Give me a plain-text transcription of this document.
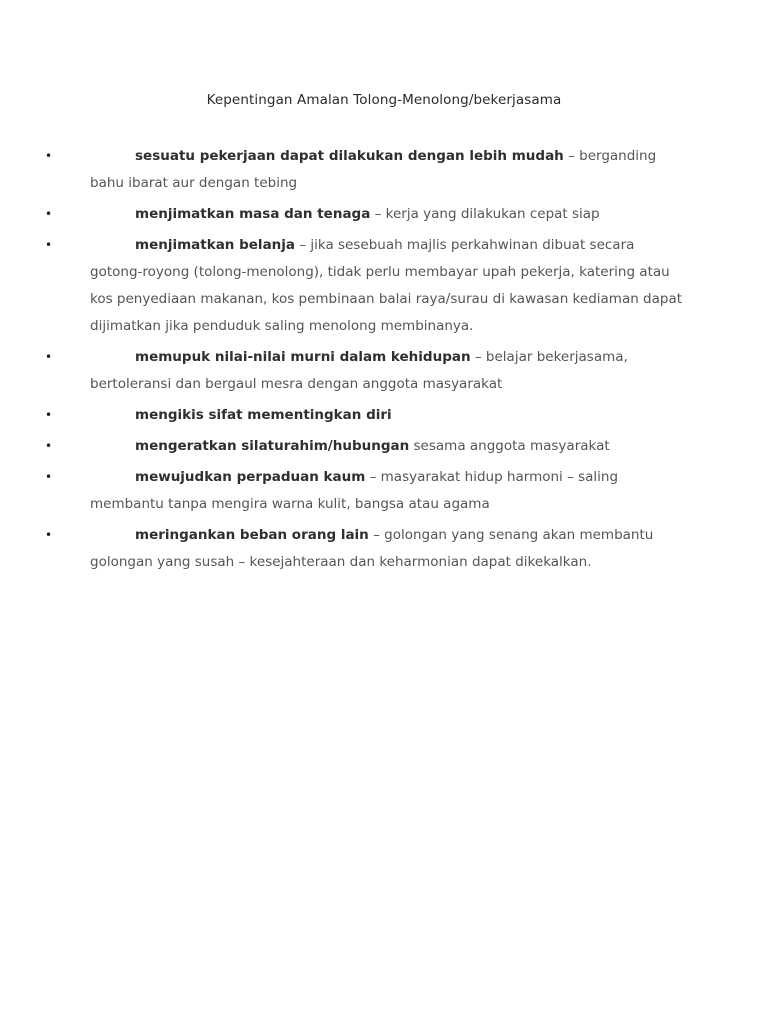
Kepentingan Amalan Tolong-Menolong/bekerjasama
•	sesuatu pekerjaan dapat dilakukan dengan lebih mudah – berganding bahu ibarat aur dengan tebing
•	menjimatkan masa dan tenaga – kerja yang dilakukan cepat siap
•	menjimatkan belanja – jika sesebuah majlis perkahwinan dibuat secara gotong-royong (tolong-menolong), tidak perlu membayar upah pekerja, katering atau kos penyediaan makanan, kos pembinaan balai raya/surau di kawasan kediaman dapat dijimatkan jika penduduk saling menolong membinanya.
•	memupuk nilai-nilai murni dalam kehidupan – belajar bekerjasama, bertoleransi dan bergaul mesra dengan anggota masyarakat
•	mengikis sifat mementingkan diri
•	mengeratkan silaturahim/hubungan sesama anggota masyarakat
•	mewujudkan perpaduan kaum – masyarakat hidup harmoni – saling membantu tanpa mengira warna kulit, bangsa atau agama
•	meringankan beban orang lain – golongan yang senang akan membantu golongan yang susah – kesejahteraan dan keharmonian dapat dikekalkan.
